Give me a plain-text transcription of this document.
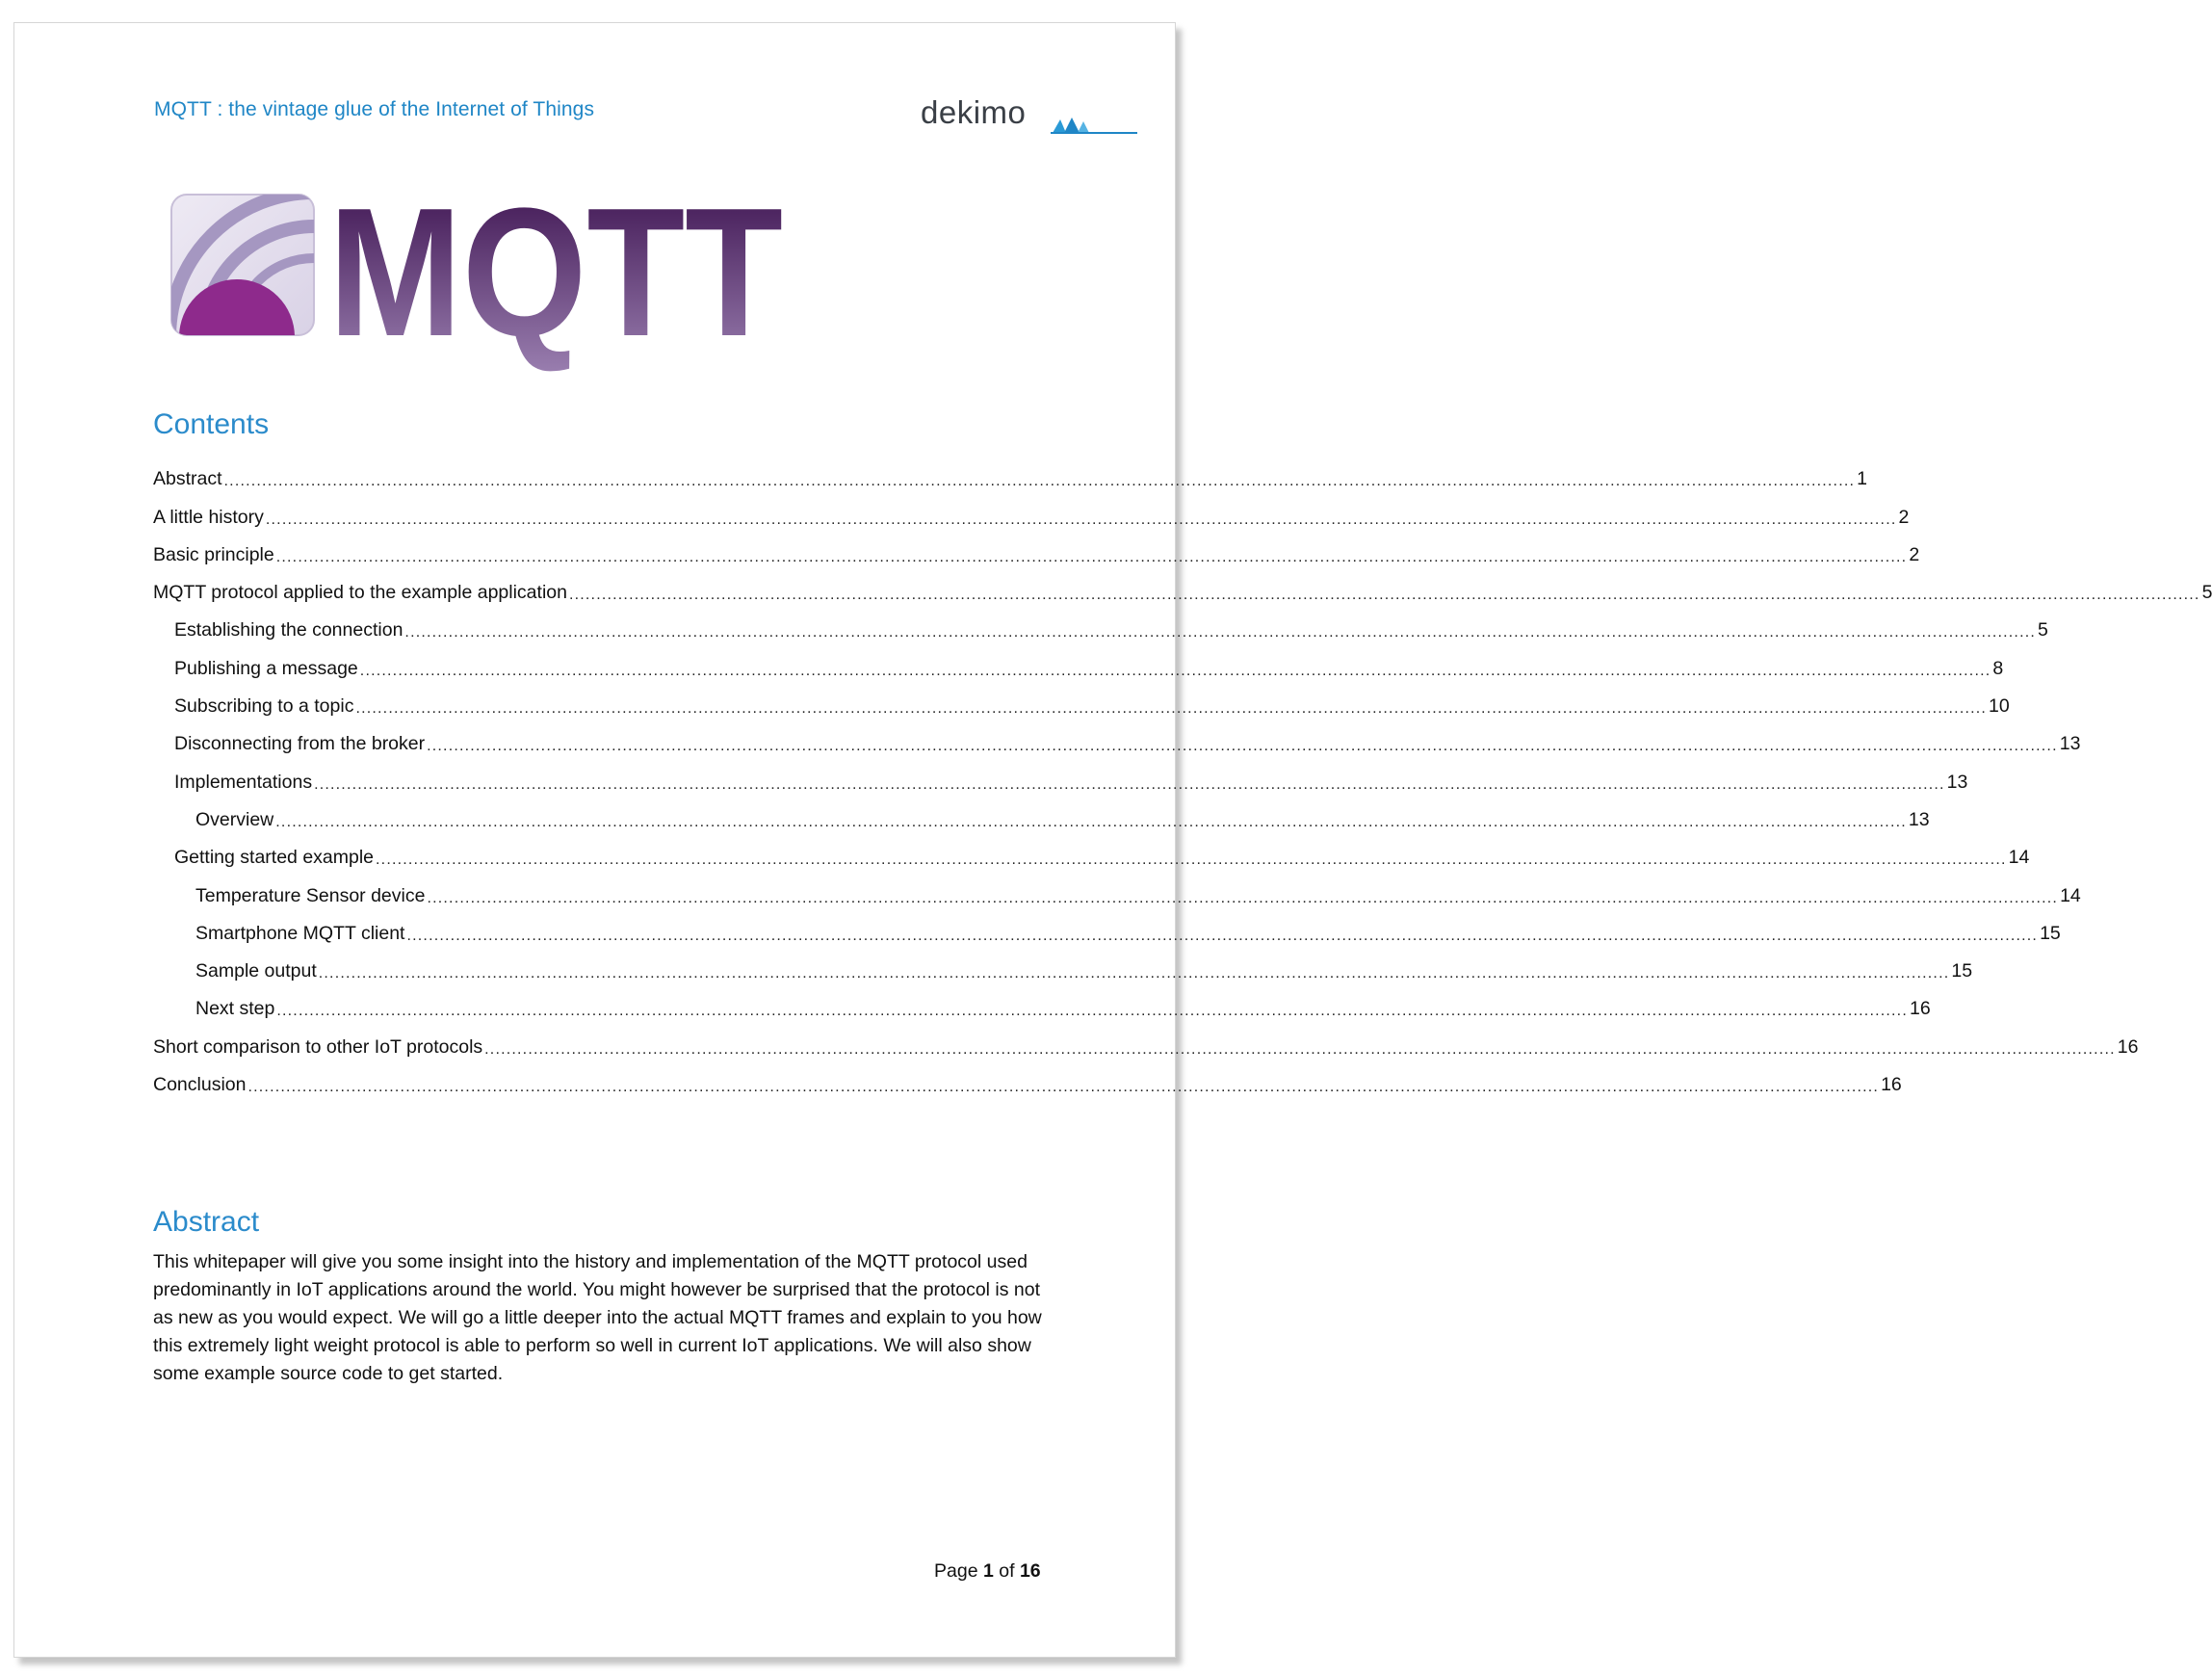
MQTT : the vintage glue of the Internet of Things	dekimo
MQTT
Contents
Abstract ............................................................................................................................................................................................................................................................................................................ 1
A little history ............................................................................................................................................................................................................................................................................................................ 2
Basic principle ............................................................................................................................................................................................................................................................................................................ 2
MQTT protocol applied to the example application ............................................................................................................................................................................................................................................................................................................ 5
Establishing the connection ............................................................................................................................................................................................................................................................................................................ 5
Publishing a message ............................................................................................................................................................................................................................................................................................................ 8
Subscribing to a topic ............................................................................................................................................................................................................................................................................................................ 10
Disconnecting from the broker ............................................................................................................................................................................................................................................................................................................ 13
Implementations ............................................................................................................................................................................................................................................................................................................ 13
Overview ............................................................................................................................................................................................................................................................................................................ 13
Getting started example ............................................................................................................................................................................................................................................................................................................ 14
Temperature Sensor device ............................................................................................................................................................................................................................................................................................................ 14
Smartphone MQTT client ............................................................................................................................................................................................................................................................................................................ 15
Sample output ............................................................................................................................................................................................................................................................................................................ 15
Next step ............................................................................................................................................................................................................................................................................................................ 16
Short comparison to other IoT protocols ............................................................................................................................................................................................................................................................................................................ 16
Conclusion ............................................................................................................................................................................................................................................................................................................ 16
Abstract

This whitepaper will give you some insight into the history and implementation of the MQTT protocol used predominantly in IoT applications around the world. You might however be surprised that the protocol is not as new as you would expect. We will go a little deeper into the actual MQTT frames and explain to you how this extremely light weight protocol is able to perform so well in current IoT applications. We will also show some example source code to get started.

Page 1 of 16
